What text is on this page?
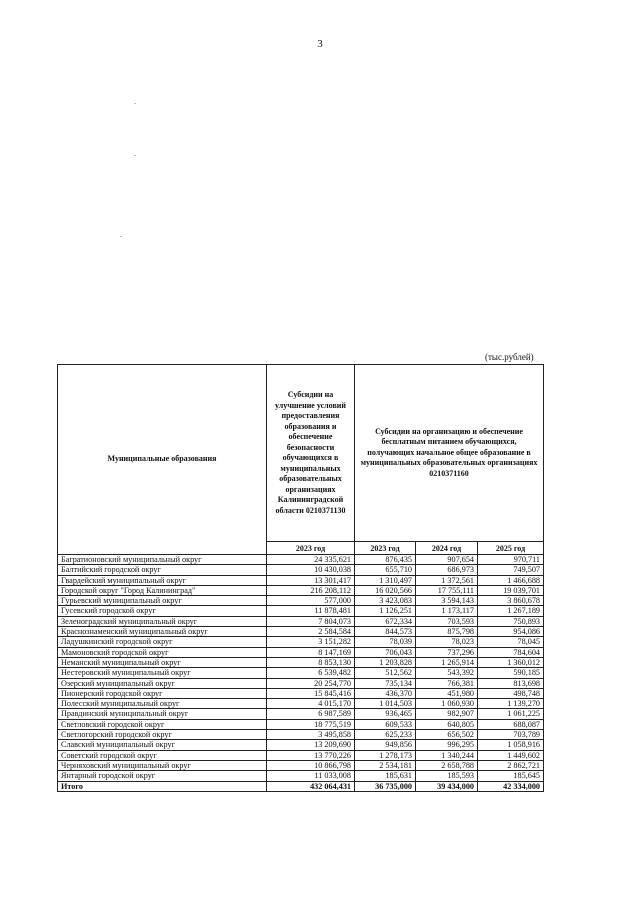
3
(тыс.рублей)
Муниципальные образования	Субсидии на улучшение условий предоставления образования и обеспечение безопасности обучающихся в муниципальных образовательных организациях Калининградской области 0210371130	Субсидии на организацию и обеспечение бесплатным питанием обучающихся, получающих начальное общее образование в муниципальных образовательных организациях 0210371160		
	2023 год	2023 год	2024 год	2025 год
Багратионовский муниципальный округ	24 335,621	876,435	907,654	970,711
Балтийский городской округ	10 430,038	655,710	686,973	749,507
Гвардейский муниципальный округ	13 301,417	1 310,497	1 372,561	1 466,688
Городской округ "Город Калининград"	216 208,112	16 020,566	17 755,111	19 039,701
Гурьевский муниципальный округ	577,000	3 423,083	3 594,143	3 860,678
Гусевский городской округ	11 878,481	1 126,251	1 173,117	1 267,189
Зеленоградский муниципальный округ	7 804,073	672,334	703,593	750,893
Краснознаменский муниципальный округ	2 584,584	844,573	875,798	954,086
Ладушкинский городской округ	3 151,282	78,039	78,023	78,045
Мамоновский городской округ	8 147,169	706,043	737,296	784,604
Неманский муниципальный округ	8 853,130	1 203,828	1 265,914	1 360,012
Нестеровский муниципальный округ	6 539,482	512,562	543,392	590,185
Озерский муниципальный округ	20 254,770	735,134	766,381	813,698
Пионерский городской округ	15 845,416	436,370	451,980	498,748
Полесский муниципальный округ	4 015,170	1 014,503	1 060,930	1 139,270
Правдинский муниципальный округ	6 987,589	936,465	982,907	1 061,225
Светловский городской округ	18 775,519	609,533	640,805	688,087
Светлогорский городской округ	3 495,858	625,233	656,502	703,789
Славский муниципальный округ	13 209,690	949,856	996,295	1 058,916
Советский городской округ	13 770,226	1 278,173	1 340,244	1 449,602
Черняховский муниципальный округ	10 866,798	2 534,181	2 658,788	2 862,721
Янтарный городской округ	11 033,008	185,631	185,593	185,645
Итого	432 064,431	36 735,000	39 434,000	42 334,000
